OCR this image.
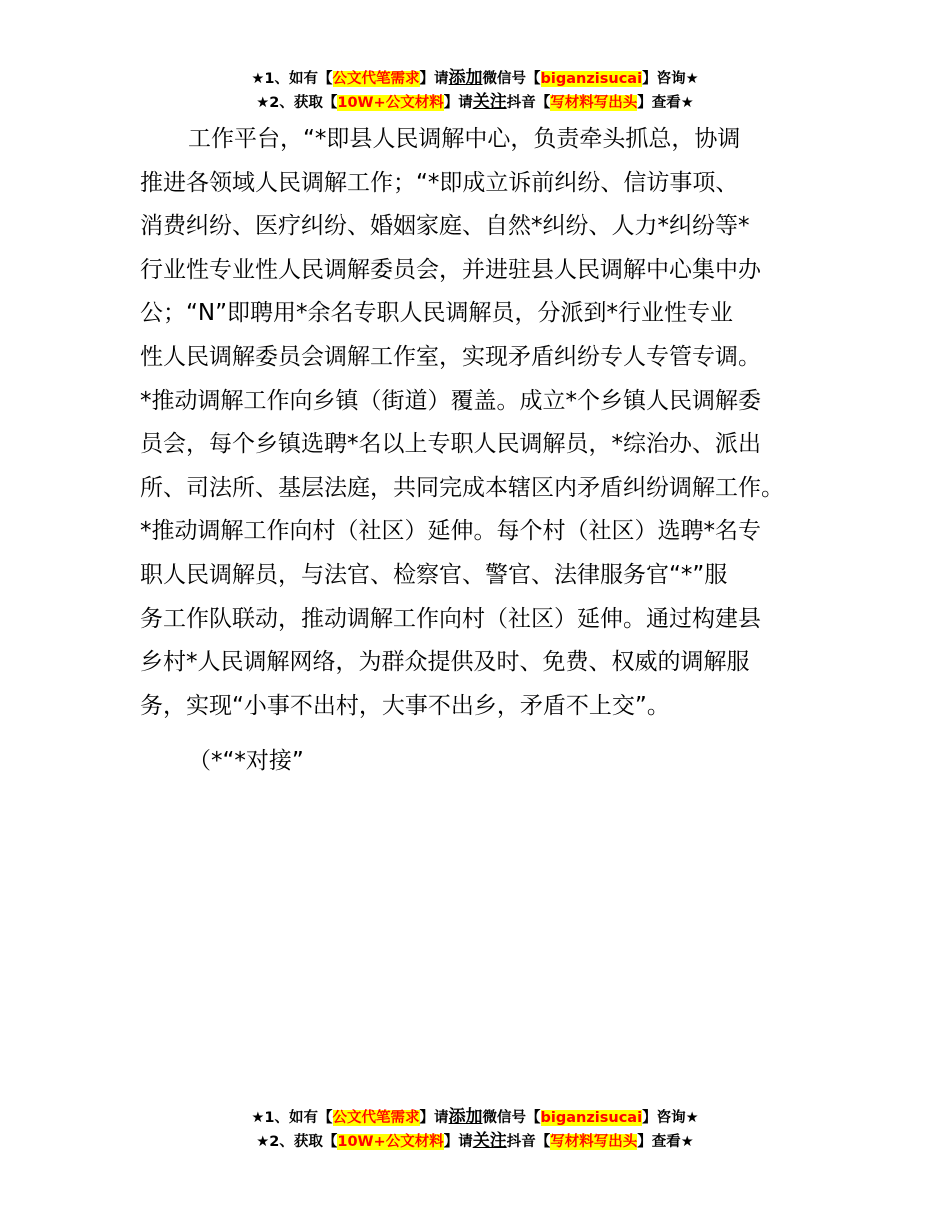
★1、如有【公文代笔需求】请添加微信号【biganzisucai】咨询★
★2、获取【10W+公文材料】请关注抖音【写材料写出头】查看★
工作平台，“*即县人民调解中心，负责牵头抓总，协调
推进各领域人民调解工作；“*即成立诉前纠纷、信访事项、
消费纠纷、医疗纠纷、婚姻家庭、自然*纠纷、人力*纠纷等*
行业性专业性人民调解委员会，并进驻县人民调解中心集中办
公；“N”即聘用*余名专职人民调解员，分派到*行业性专业
性人民调解委员会调解工作室，实现矛盾纠纷专人专管专调。
*推动调解工作向乡镇（街道）覆盖。成立*个乡镇人民调解委
员会，每个乡镇选聘*名以上专职人民调解员，*综治办、派出
所、司法所、基层法庭，共同完成本辖区内矛盾纠纷调解工作。
*推动调解工作向村（社区）延伸。每个村（社区）选聘*名专
职人民调解员，与法官、检察官、警官、法律服务官“*”服
务工作队联动，推动调解工作向村（社区）延伸。通过构建县
乡村*人民调解网络，为群众提供及时、免费、权威的调解服
务，实现“小事不出村，大事不出乡，矛盾不上交”。
（*“*对接”
★1、如有【公文代笔需求】请添加微信号【biganzisucai】咨询★
★2、获取【10W+公文材料】请关注抖音【写材料写出头】查看★
